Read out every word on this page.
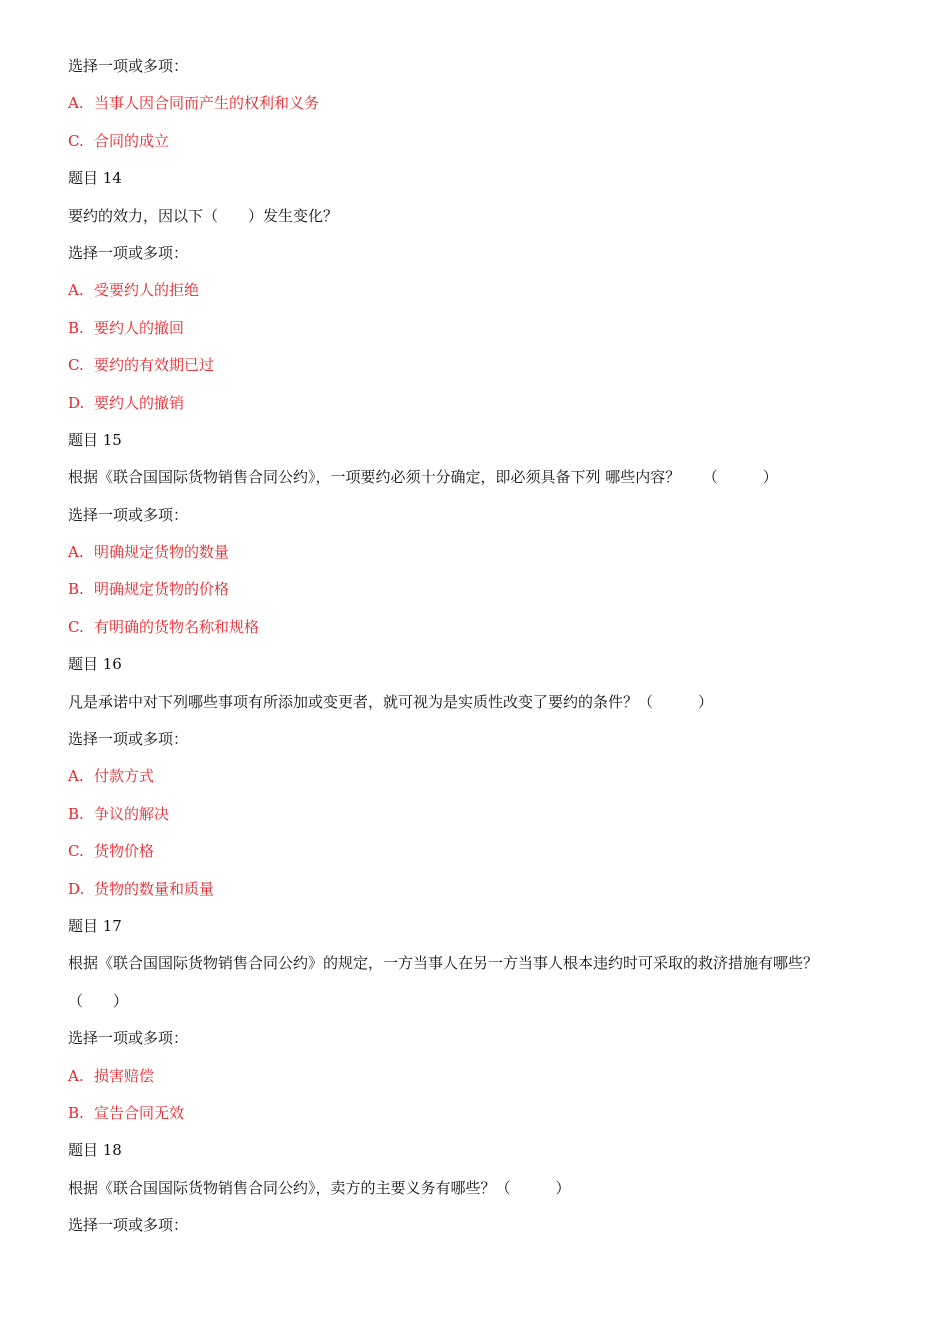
选择一项或多项：
A. 当事人因合同而产生的权利和义务
C. 合同的成立
题目 14
要约的效力，因以下（　　）发生变化？
选择一项或多项：
A. 受要约人的拒绝
B. 要约人的撤回
C. 要约的有效期已过
D. 要约人的撤销
题目 15
根据《联合国国际货物销售合同公约》，一项要约必须十分确定，即必须具备下列 哪些内容？　　（　　　）
选择一项或多项：
A. 明确规定货物的数量
B. 明确规定货物的价格
C. 有明确的货物名称和规格
题目 16
凡是承诺中对下列哪些事项有所添加或变更者，就可视为是实质性改变了要约的条件？（　　　）
选择一项或多项：
A. 付款方式
B. 争议的解决
C. 货物价格
D. 货物的数量和质量
题目 17
根据《联合国国际货物销售合同公约》的规定，一方当事人在另一方当事人根本违约时可采取的救济措施有哪些？
（　　）
选择一项或多项：
A. 损害赔偿
B. 宣告合同无效
题目 18
根据《联合国国际货物销售合同公约》，卖方的主要义务有哪些？（　　　）
选择一项或多项：
